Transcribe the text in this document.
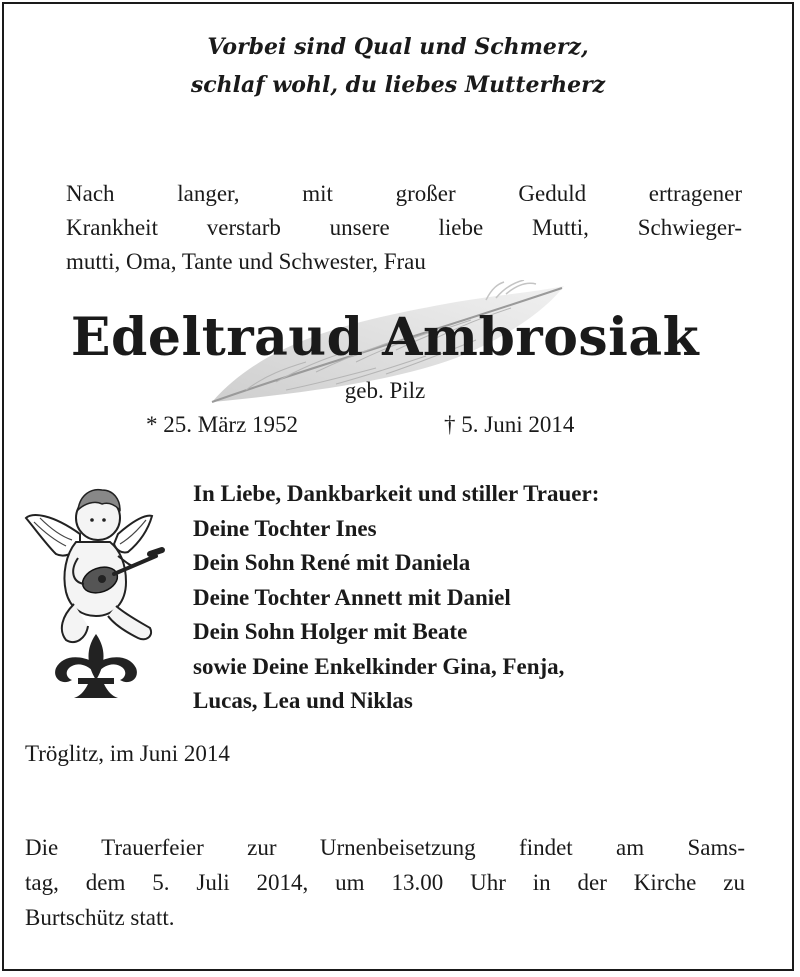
Vorbei sind Qual und Schmerz,
schlaf wohl, du liebes Mutterherz
Nach langer, mit großer Geduld ertragener
Krankheit verstarb unsere liebe Mutti, Schwieger-
mutti, Oma, Tante und Schwester, Frau
Edeltraud Ambrosiak
geb. Pilz
* 25. März 1952	† 5. Juni 2014
In Liebe, Dankbarkeit und stiller Trauer:
Deine Tochter Ines
Dein Sohn René mit Daniela
Deine Tochter Annett mit Daniel
Dein Sohn Holger mit Beate
sowie Deine Enkelkinder Gina, Fenja,
Lucas, Lea und Niklas
Tröglitz, im Juni 2014
Die Trauerfeier zur Urnenbeisetzung findet am Sams-
tag, dem 5. Juli 2014, um 13.00 Uhr in der Kirche zu
Burtschütz statt.
